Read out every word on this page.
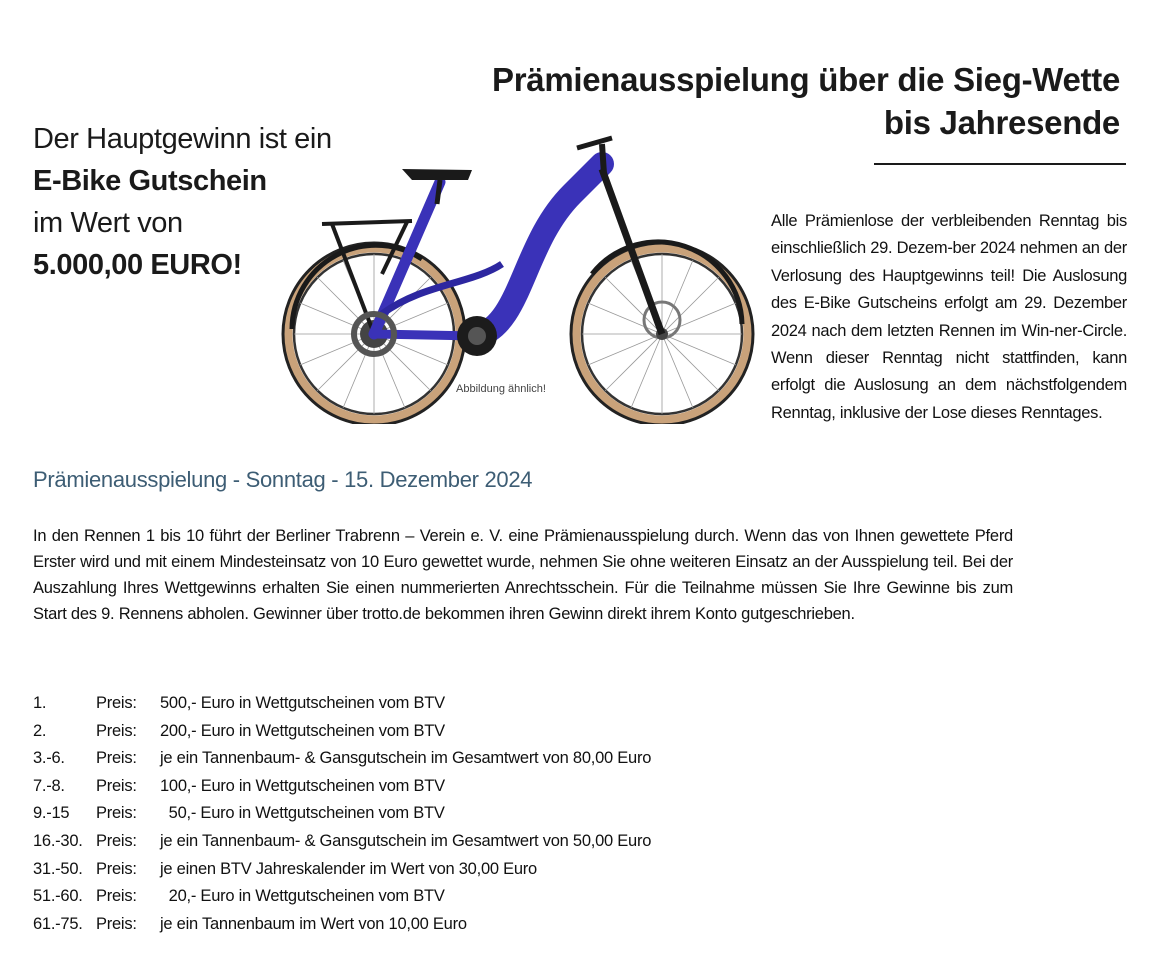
Prämienausspielung über die Sieg-Wette
bis Jahresende
Der Hauptgewinn ist ein
E-Bike Gutschein
im Wert von
5.000,00 EURO!
Abbildung ähnlich!
Alle Prämienlose der verbleibenden Renntag bis einschließlich 29. Dezem-ber 2024 nehmen an der Verlosung des Hauptgewinns teil! Die Auslosung des E-Bike Gutscheins erfolgt am 29. Dezember 2024 nach dem letzten Rennen im Win-ner-Circle. Wenn dieser Renntag nicht stattfinden, kann erfolgt die Auslosung an dem nächstfolgendem Renntag, inklusive der Lose dieses Renntages.
Prämienausspielung - Sonntag - 15. Dezember 2024
In den Rennen 1 bis 10 führt der Berliner Trabrenn – Verein e. V. eine Prämienausspielung durch. Wenn das von Ihnen gewettete Pferd Erster wird und mit einem Mindesteinsatz von 10 Euro gewettet wurde, nehmen Sie ohne weiteren Einsatz an der Ausspielung teil. Bei der Auszahlung Ihres Wettgewinns erhalten Sie einen nummerierten Anrechtsschein. Für die Teilnahme müssen Sie Ihre Gewinne bis zum Start des 9. Rennens abholen. Gewinner über trotto.de bekommen ihren Gewinn direkt ihrem Konto gutgeschrieben.
1.	Preis:	500,- Euro in Wettgutscheinen vom BTV
2.	Preis:	200,- Euro in Wettgutscheinen vom BTV
3.-6.	Preis:	je ein Tannenbaum- & Gansgutschein im Gesamtwert von 80,00 Euro
7.-8.	Preis:	100,- Euro in Wettgutscheinen vom BTV
9.-15	Preis:	50,- Euro in Wettgutscheinen vom BTV
16.-30. Preis:	je ein Tannenbaum- & Gansgutschein im Gesamtwert von 50,00 Euro
31.-50. Preis:	je einen BTV Jahreskalender im Wert von 30,00 Euro
51.-60. Preis:	20,- Euro in Wettgutscheinen vom BTV
61.-75. Preis:	je ein Tannenbaum im Wert von 10,00 Euro
